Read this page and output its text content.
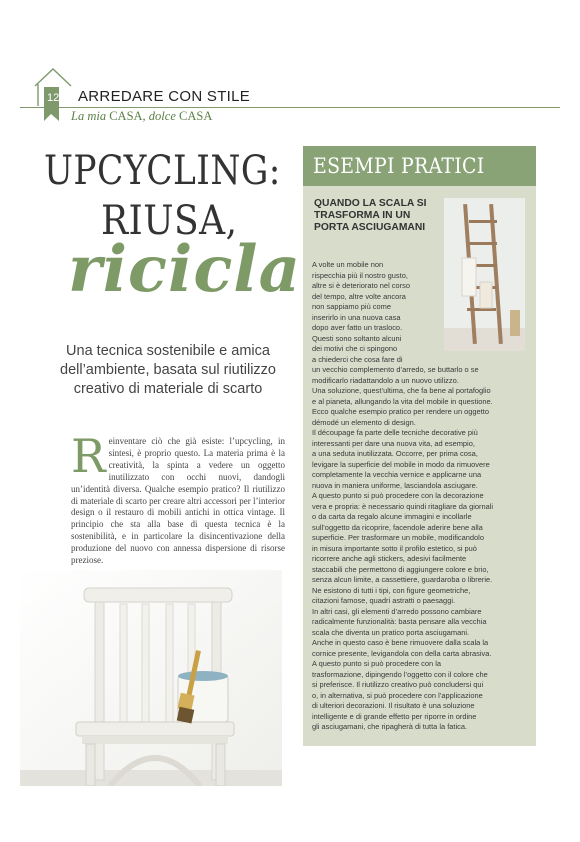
12 ARREDARE CON STILE
La mia CASA, dolce CASA
UPCYCLING:
RIUSA,
ricicla
Una tecnica sostenibile e amica dell’ambiente, basata sul riutilizzo creativo di materiale di scarto
R einventare ciò che già esiste: l’upcycling, in sintesi, è proprio questo. La materia prima è la creatività, la spinta a vedere un oggetto inutilizzato con occhi nuovi, dandogli un’identità diversa. Qualche esempio pratico? Il riutilizzo di materiale di scarto per creare altri accessori per l’interior design o il restauro di mobili antichi in ottica vintage. Il principio che sta alla base di questa tecnica è la sostenibilità, e in particolare la disincentivazione della produzione del nuovo con annessa dispersione di risorse preziose.
ESEMPI PRATICI
QUANDO LA SCALA SI TRASFORMA IN UN PORTA ASCIUGAMANI
A volte un mobile non
rispecchia più il nostro gusto,
altre si è deteriorato nel corso
del tempo, altre volte ancora
non sappiamo più come
inserirlo in una nuova casa
dopo aver fatto un trasloco.
Questi sono soltanto alcuni
dei motivi che ci spingono
a chiederci che cosa fare di
un vecchio complemento d’arredo, se buttarlo o se
modificarlo riadattandolo a un nuovo utilizzo.
Una soluzione, quest’ultima, che fa bene al portafoglio
e al pianeta, allungando la vita del mobile in questione.
Ecco qualche esempio pratico per rendere un oggetto
démodé un elemento di design.
Il découpage fa parte delle tecniche decorative più
interessanti per dare una nuova vita, ad esempio,
a una seduta inutilizzata. Occorre, per prima cosa,
levigare la superficie del mobile in modo da rimuovere
completamente la vecchia vernice e applicarne una
nuova in maniera uniforme, lasciandola asciugare.
A questo punto si può procedere con la decorazione
vera e propria: è necessario quindi ritagliare da giornali
o da carta da regalo alcune immagini e incollarle
sull’oggetto da ricoprire, facendole aderire bene alla
superficie. Per trasformare un mobile, modificandolo
in misura importante sotto il profilo estetico, si può
ricorrere anche agli stickers, adesivi facilmente
staccabili che permettono di aggiungere colore e brio,
senza alcun limite, a cassettiere, guardaroba o librerie.
Ne esistono di tutti i tipi, con figure geometriche,
citazioni famose, quadri astratti o paesaggi.
In altri casi, gli elementi d’arredo possono cambiare
radicalmente funzionalità: basta pensare alla vecchia
scala che diventa un pratico porta asciugamani.
Anche in questo caso è bene rimuovere dalla scala la
cornice presente, levigandola con della carta abrasiva.
A questo punto si può procedere con la
trasformazione, dipingendo l’oggetto con il colore che
si preferisce. Il riutilizzo creativo può concludersi qui
o, in alternativa, si può procedere con l’applicazione
di ulteriori decorazioni. Il risultato è una soluzione
intelligente e di grande effetto per riporre in ordine
gli asciugamani, che ripagherà di tutta la fatica.
